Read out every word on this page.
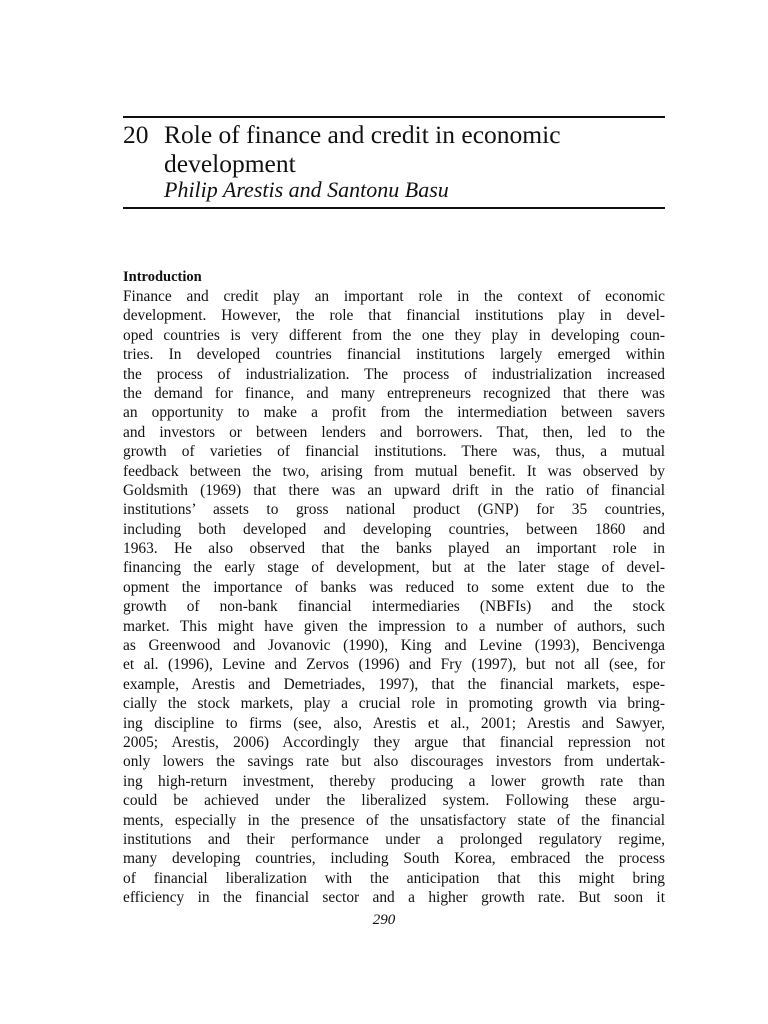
20 Role of finance and credit in economic development
Philip Arestis and Santonu Basu
Introduction
Finance and credit play an important role in the context of economic
development. However, the role that financial institutions play in devel-
oped countries is very different from the one they play in developing coun-
tries. In developed countries financial institutions largely emerged within
the process of industrialization. The process of industrialization increased
the demand for finance, and many entrepreneurs recognized that there was
an opportunity to make a profit from the intermediation between savers
and investors or between lenders and borrowers. That, then, led to the
growth of varieties of financial institutions. There was, thus, a mutual
feedback between the two, arising from mutual benefit. It was observed by
Goldsmith (1969) that there was an upward drift in the ratio of financial
institutions’ assets to gross national product (GNP) for 35 countries,
including both developed and developing countries, between 1860 and
1963. He also observed that the banks played an important role in
financing the early stage of development, but at the later stage of devel-
opment the importance of banks was reduced to some extent due to the
growth of non-bank financial intermediaries (NBFIs) and the stock
market. This might have given the impression to a number of authors, such
as Greenwood and Jovanovic (1990), King and Levine (1993), Bencivenga
et al. (1996), Levine and Zervos (1996) and Fry (1997), but not all (see, for
example, Arestis and Demetriades, 1997), that the financial markets, espe-
cially the stock markets, play a crucial role in promoting growth via bring-
ing discipline to firms (see, also, Arestis et al., 2001; Arestis and Sawyer,
2005; Arestis, 2006) Accordingly they argue that financial repression not
only lowers the savings rate but also discourages investors from undertak-
ing high-return investment, thereby producing a lower growth rate than
could be achieved under the liberalized system. Following these argu-
ments, especially in the presence of the unsatisfactory state of the financial
institutions and their performance under a prolonged regulatory regime,
many developing countries, including South Korea, embraced the process
of financial liberalization with the anticipation that this might bring
efficiency in the financial sector and a higher growth rate. But soon it
290
